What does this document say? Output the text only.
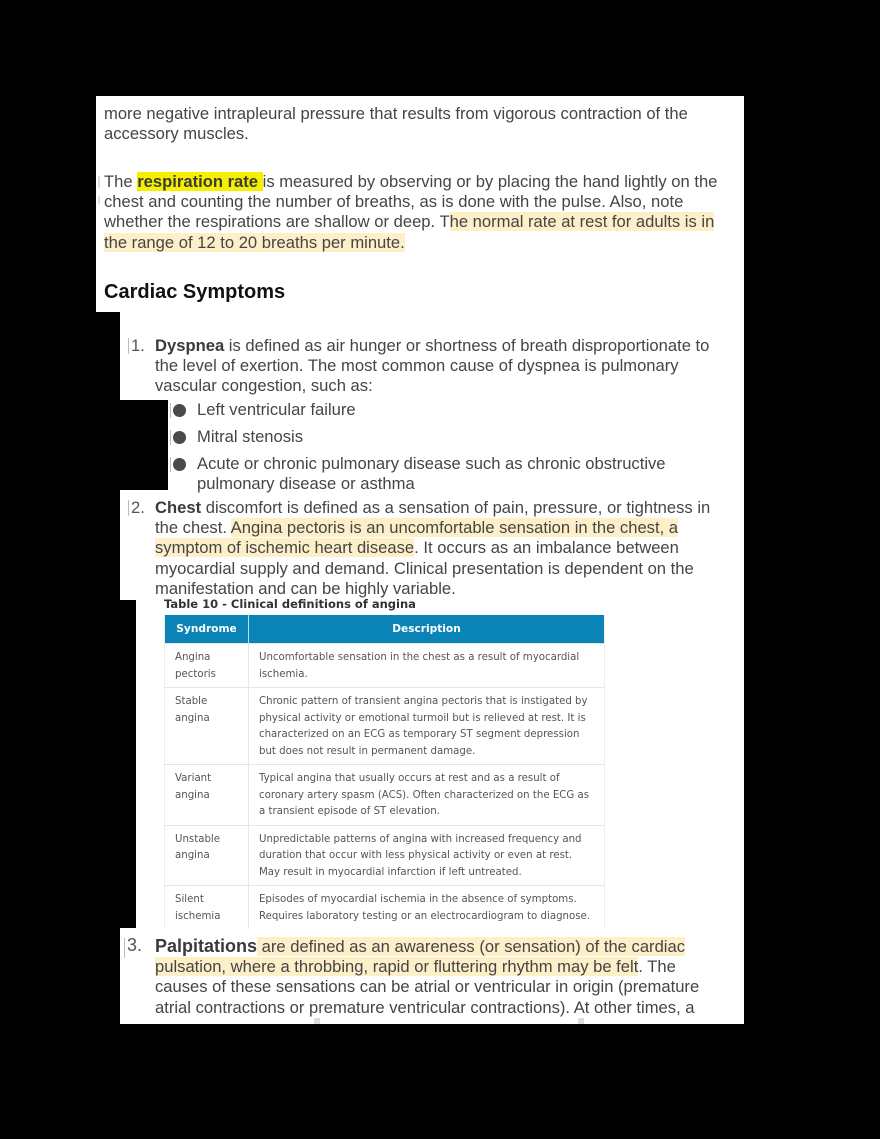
more negative intrapleural pressure that results from vigorous contraction of the accessory muscles.
The respiration rate is measured by observing or by placing the hand lightly on the chest and counting the number of breaths, as is done with the pulse. Also, note whether the respirations are shallow or deep. The normal rate at rest for adults is in the range of 12 to 20 breaths per minute.
Cardiac Symptoms
1. Dyspnea is defined as air hunger or shortness of breath disproportionate to the level of exertion. The most common cause of dyspnea is pulmonary vascular congestion, such as:
Left ventricular failure
Mitral stenosis
Acute or chronic pulmonary disease such as chronic obstructive pulmonary disease or asthma
2. Chest discomfort is defined as a sensation of pain, pressure, or tightness in the chest. Angina pectoris is an uncomfortable sensation in the chest, a symptom of ischemic heart disease. It occurs as an imbalance between myocardial supply and demand. Clinical presentation is dependent on the manifestation and can be highly variable.
Table 10 - Clinical definitions of angina
Syndrome	Description
Angina pectoris	Uncomfortable sensation in the chest as a result of myocardial ischemia.
Stable angina	Chronic pattern of transient angina pectoris that is instigated by physical activity or emotional turmoil but is relieved at rest. It is characterized on an ECG as temporary ST segment depression but does not result in permanent damage.
Variant angina	Typical angina that usually occurs at rest and as a result of coronary artery spasm (ACS). Often characterized on the ECG as a transient episode of ST elevation.
Unstable angina	Unpredictable patterns of angina with increased frequency and duration that occur with less physical activity or even at rest. May result in myocardial infarction if left untreated.
Silent ischemia	Episodes of myocardial ischemia in the absence of symptoms. Requires laboratory testing or an electrocardiogram to diagnose.
3. Palpitations are defined as an awareness (or sensation) of the cardiac pulsation, where a throbbing, rapid or fluttering rhythm may be felt. The causes of these sensations can be atrial or ventricular in origin (premature atrial contractions or premature ventricular contractions). At other times, a
